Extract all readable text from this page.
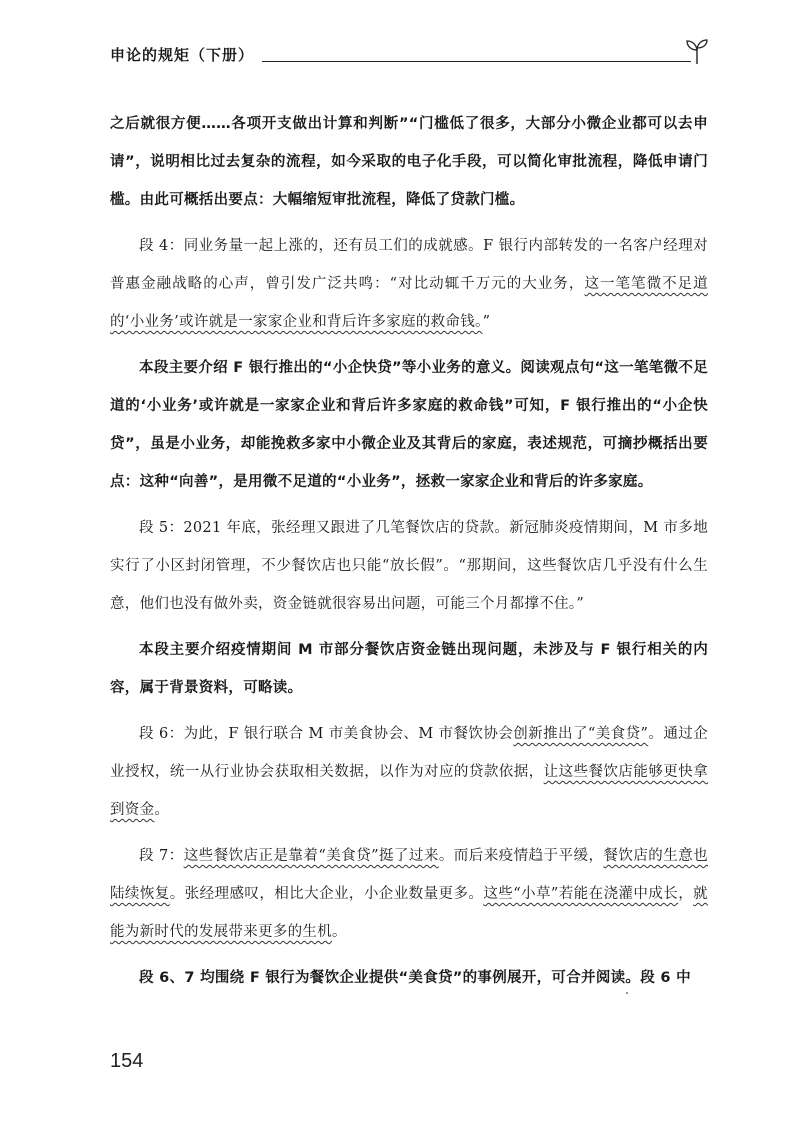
申论的规矩（下册）

之后就很方便……各项开支做出计算和判断”“门槛低了很多，大部分小微企业都可以去申请”，说明相比过去复杂的流程，如今采取的电子化手段，可以简化审批流程，降低申请门槛。由此可概括出要点：大幅缩短审批流程，降低了贷款门槛。

段 4：同业务量一起上涨的，还有员工们的成就感。F 银行内部转发的一名客户经理对普惠金融战略的心声，曾引发广泛共鸣：“对比动辄千万元的大业务，这一笔笔微不足道的‘小业务’或许就是一家家企业和背后许多家庭的救命钱。”

本段主要介绍 F 银行推出的“小企快贷”等小业务的意义。阅读观点句“这一笔笔微不足道的‘小业务’或许就是一家家企业和背后许多家庭的救命钱”可知，F 银行推出的“小企快贷”，虽是小业务，却能挽救多家中小微企业及其背后的家庭，表述规范，可摘抄概括出要点：这种“向善”，是用微不足道的“小业务”，拯救一家家企业和背后的许多家庭。

段 5：2021 年底，张经理又跟进了几笔餐饮店的贷款。新冠肺炎疫情期间，M 市多地实行了小区封闭管理，不少餐饮店也只能“放长假”。“那期间，这些餐饮店几乎没有什么生意，他们也没有做外卖，资金链就很容易出问题，可能三个月都撑不住。”

本段主要介绍疫情期间 M 市部分餐饮店资金链出现问题，未涉及与 F 银行相关的内容，属于背景资料，可略读。

段 6：为此，F 银行联合 M 市美食协会、M 市餐饮协会创新推出了“美食贷”。通过企业授权，统一从行业协会获取相关数据，以作为对应的贷款依据，让这些餐饮店能够更快拿到资金。

段 7：这些餐饮店正是靠着“美食贷”挺了过来。而后来疫情趋于平缓，餐饮店的生意也陆续恢复。张经理感叹，相比大企业，小企业数量更多。这些“小草”若能在浇灌中成长，就能为新时代的发展带来更多的生机。

段 6、7 均围绕 F 银行为餐饮企业提供“美食贷”的事例展开，可合并阅读。段 6 中

154
